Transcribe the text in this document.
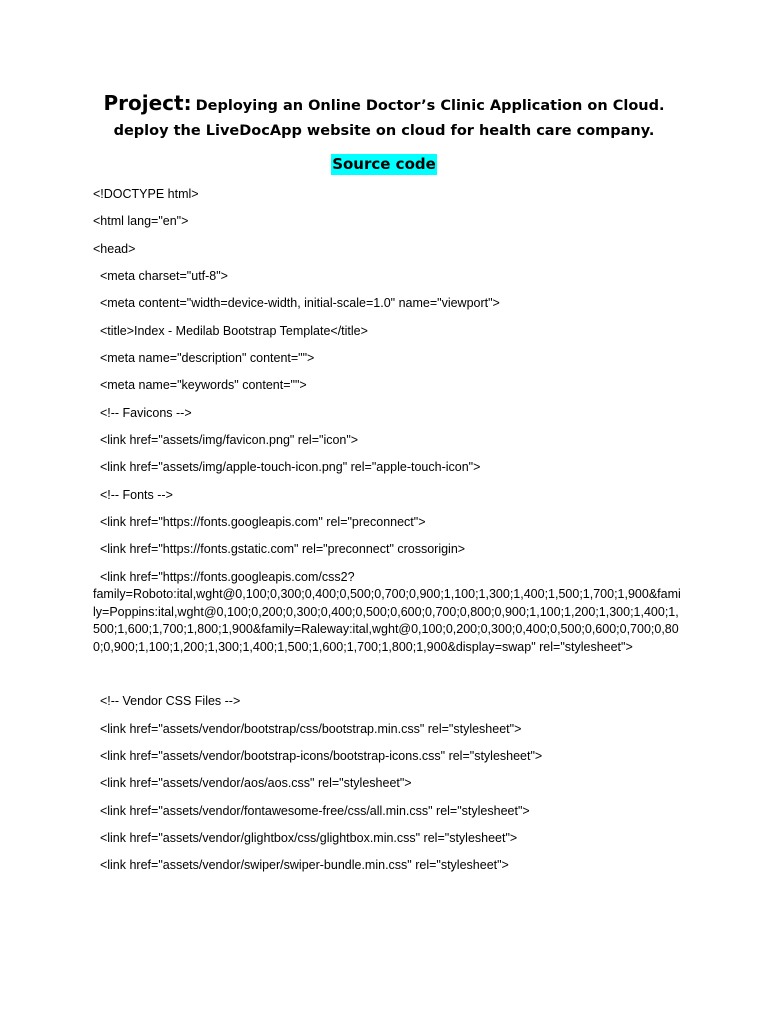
Project: Deploying an Online Doctor’s Clinic Application on Cloud.
deploy the LiveDocApp website on cloud for health care company.
Source code
<!DOCTYPE html>
<html lang="en">
<head>
<meta charset="utf-8">
<meta content="width=device-width, initial-scale=1.0" name="viewport">
<title>Index - Medilab Bootstrap Template</title>
<meta name="description" content="">
<meta name="keywords" content="">
<!-- Favicons -->
<link href="assets/img/favicon.png" rel="icon">
<link href="assets/img/apple-touch-icon.png" rel="apple-touch-icon">
<!-- Fonts -->
<link href="https://fonts.googleapis.com" rel="preconnect">
<link href="https://fonts.gstatic.com" rel="preconnect" crossorigin>
<link href="https://fonts.googleapis.com/css2?
family=Roboto:ital,wght@0,100;0,300;0,400;0,500;0,700;0,900;1,100;1,300;1,400;1,500;1,700;1,900&family=Poppins:ital,wght@0,100;0,200;0,300;0,400;0,500;0,600;0,700;0,800;0,900;1,100;1,200;1,300;1,400;1,500;1,600;1,700;1,800;1,900&family=Raleway:ital,wght@0,100;0,200;0,300;0,400;0,500;0,600;0,700;0,800;0,900;1,100;1,200;1,300;1,400;1,500;1,600;1,700;1,800;1,900&display=swap" rel="stylesheet">
<!-- Vendor CSS Files -->
<link href="assets/vendor/bootstrap/css/bootstrap.min.css" rel="stylesheet">
<link href="assets/vendor/bootstrap-icons/bootstrap-icons.css" rel="stylesheet">
<link href="assets/vendor/aos/aos.css" rel="stylesheet">
<link href="assets/vendor/fontawesome-free/css/all.min.css" rel="stylesheet">
<link href="assets/vendor/glightbox/css/glightbox.min.css" rel="stylesheet">
<link href="assets/vendor/swiper/swiper-bundle.min.css" rel="stylesheet">
